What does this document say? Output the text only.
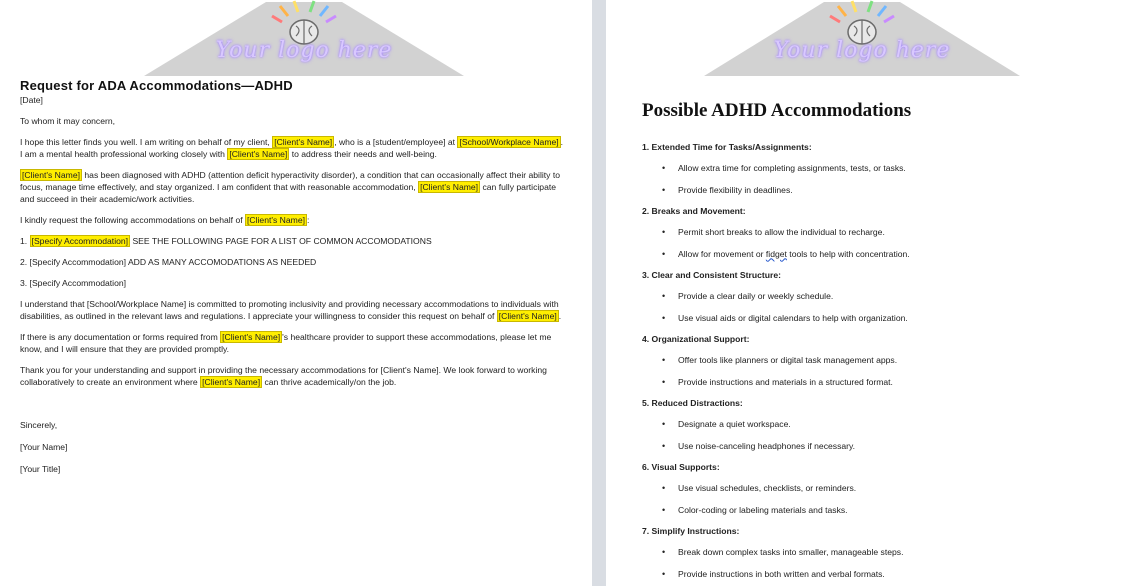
Your logo here
Request for ADA Accommodations—ADHD

[Date]

To whom it may concern,

I hope this letter finds you well. I am writing on behalf of my client, [Client's Name] , who is a [student/employee] at [School/Workplace Name] . I am a mental health professional working closely with [Client's Name] to address their needs and well-being.

[Client's Name] has been diagnosed with ADHD (attention deficit hyperactivity disorder), a condition that can occasionally affect their ability to focus, manage time effectively, and stay organized. I am confident that with reasonable accommodation, [Client's Name] can fully participate and succeed in their academic/work activities.

I kindly request the following accommodations on behalf of [Client's Name] :

1. [Specify Accommodation] SEE THE FOLLOWING PAGE FOR A LIST OF COMMON ACCOMODATIONS

2. [Specify Accommodation] ADD AS MANY ACCOMODATIONS AS NEEDED

3. [Specify Accommodation]

I understand that [School/Workplace Name] is committed to promoting inclusivity and providing necessary accommodations to individuals with disabilities, as outlined in the relevant laws and regulations. I appreciate your willingness to consider this request on behalf of [Client's Name] .

If there is any documentation or forms required from [Client's Name] 's healthcare provider to support these accommodations, please let me know, and I will ensure that they are provided promptly.

Thank you for your understanding and support in providing the necessary accommodations for [Client's Name]. We look forward to working collaboratively to create an environment where [Client's Name] can thrive academically/on the job.

Sincerely,

[Your Name]

[Your Title]

Your logo here
Possible ADHD Accommodations
1. Extended Time for Tasks/Assignments:
• Allow extra time for completing assignments, tests, or tasks.
• Provide flexibility in deadlines.
2. Breaks and Movement:
• Permit short breaks to allow the individual to recharge.
• Allow for movement or fidget tools to help with concentration.
3. Clear and Consistent Structure:
• Provide a clear daily or weekly schedule.
• Use visual aids or digital calendars to help with organization.
4. Organizational Support:
• Offer tools like planners or digital task management apps.
• Provide instructions and materials in a structured format.
5. Reduced Distractions:
• Designate a quiet workspace.
• Use noise-canceling headphones if necessary.
6. Visual Supports:
• Use visual schedules, checklists, or reminders.
• Color-coding or labeling materials and tasks.
7. Simplify Instructions:
• Break down complex tasks into smaller, manageable steps.
• Provide instructions in both written and verbal formats.
